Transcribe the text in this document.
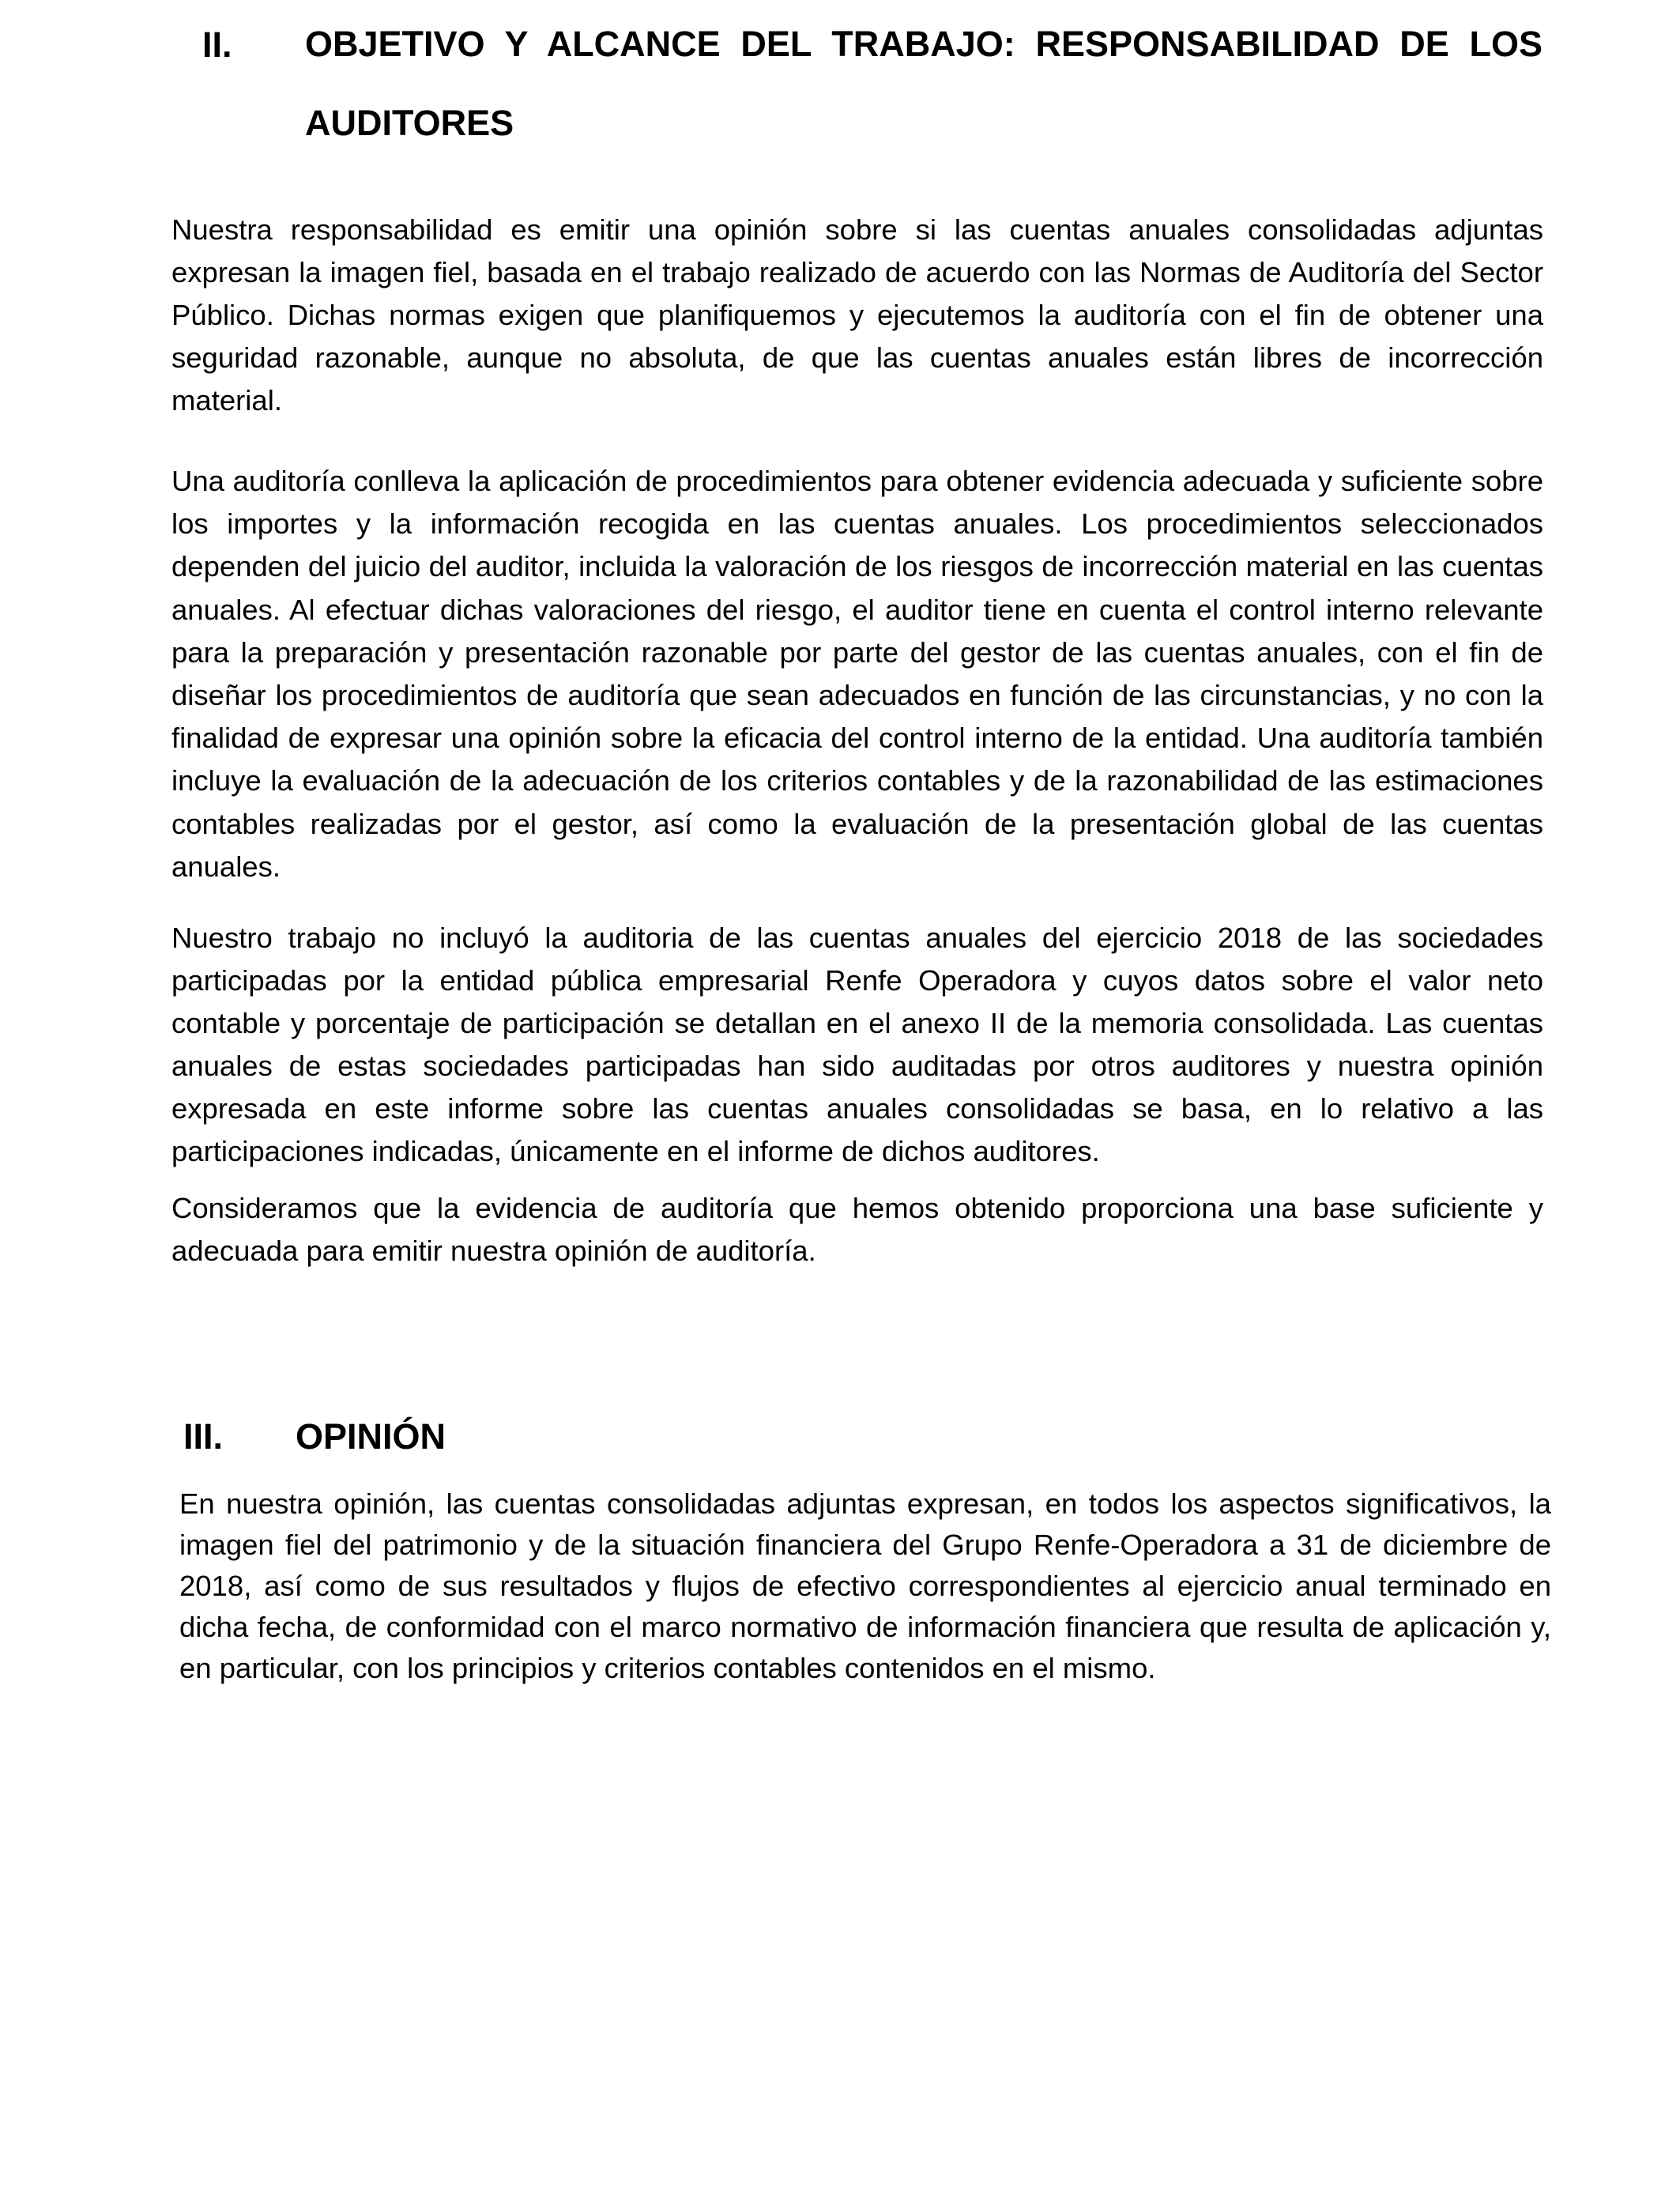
II. OBJETIVO Y ALCANCE DEL TRABAJO: RESPONSABILIDAD DE LOS
AUDITORES

Nuestra responsabilidad es emitir una opinión sobre si las cuentas anuales consolidadas adjuntas expresan la imagen fiel, basada en el trabajo realizado de acuerdo con las Normas de Auditoría del Sector Público. Dichas normas exigen que planifiquemos y ejecutemos la auditoría con el fin de obtener una seguridad razonable, aunque no absoluta, de que las cuentas anuales están libres de incorrección material.

Una auditoría conlleva la aplicación de procedimientos para obtener evidencia adecuada y suficiente sobre los importes y la información recogida en las cuentas anuales. Los procedimientos seleccionados dependen del juicio del auditor, incluida la valoración de los riesgos de incorrección material en las cuentas anuales. Al efectuar dichas valoraciones del riesgo, el auditor tiene en cuenta el control interno relevante para la preparación y presentación razonable por parte del gestor de las cuentas anuales, con el fin de diseñar los procedimientos de auditoría que sean adecuados en función de las circunstancias, y no con la finalidad de expresar una opinión sobre la eficacia del control interno de la entidad. Una auditoría también incluye la evaluación de la adecuación de los criterios contables y de la razonabilidad de las estimaciones contables realizadas por el gestor, así como la evaluación de la presentación global de las cuentas anuales.

Nuestro trabajo no incluyó la auditoria de las cuentas anuales del ejercicio 2018 de las sociedades participadas por la entidad pública empresarial Renfe Operadora y cuyos datos sobre el valor neto contable y porcentaje de participación se detallan en el anexo II de la memoria consolidada. Las cuentas anuales de estas sociedades participadas han sido auditadas por otros auditores y nuestra opinión expresada en este informe sobre las cuentas anuales consolidadas se basa, en lo relativo a las participaciones indicadas, únicamente en el informe de dichos auditores.

Consideramos que la evidencia de auditoría que hemos obtenido proporciona una base suficiente y adecuada para emitir nuestra opinión de auditoría.

III. OPINIÓN

En nuestra opinión, las cuentas consolidadas adjuntas expresan, en todos los aspectos significativos, la imagen fiel del patrimonio y de la situación financiera del Grupo Renfe-Operadora a 31 de diciembre de 2018, así como de sus resultados y flujos de efectivo correspondientes al ejercicio anual terminado en dicha fecha, de conformidad con el marco normativo de información financiera que resulta de aplicación y, en particular, con los principios y criterios contables contenidos en el mismo.
